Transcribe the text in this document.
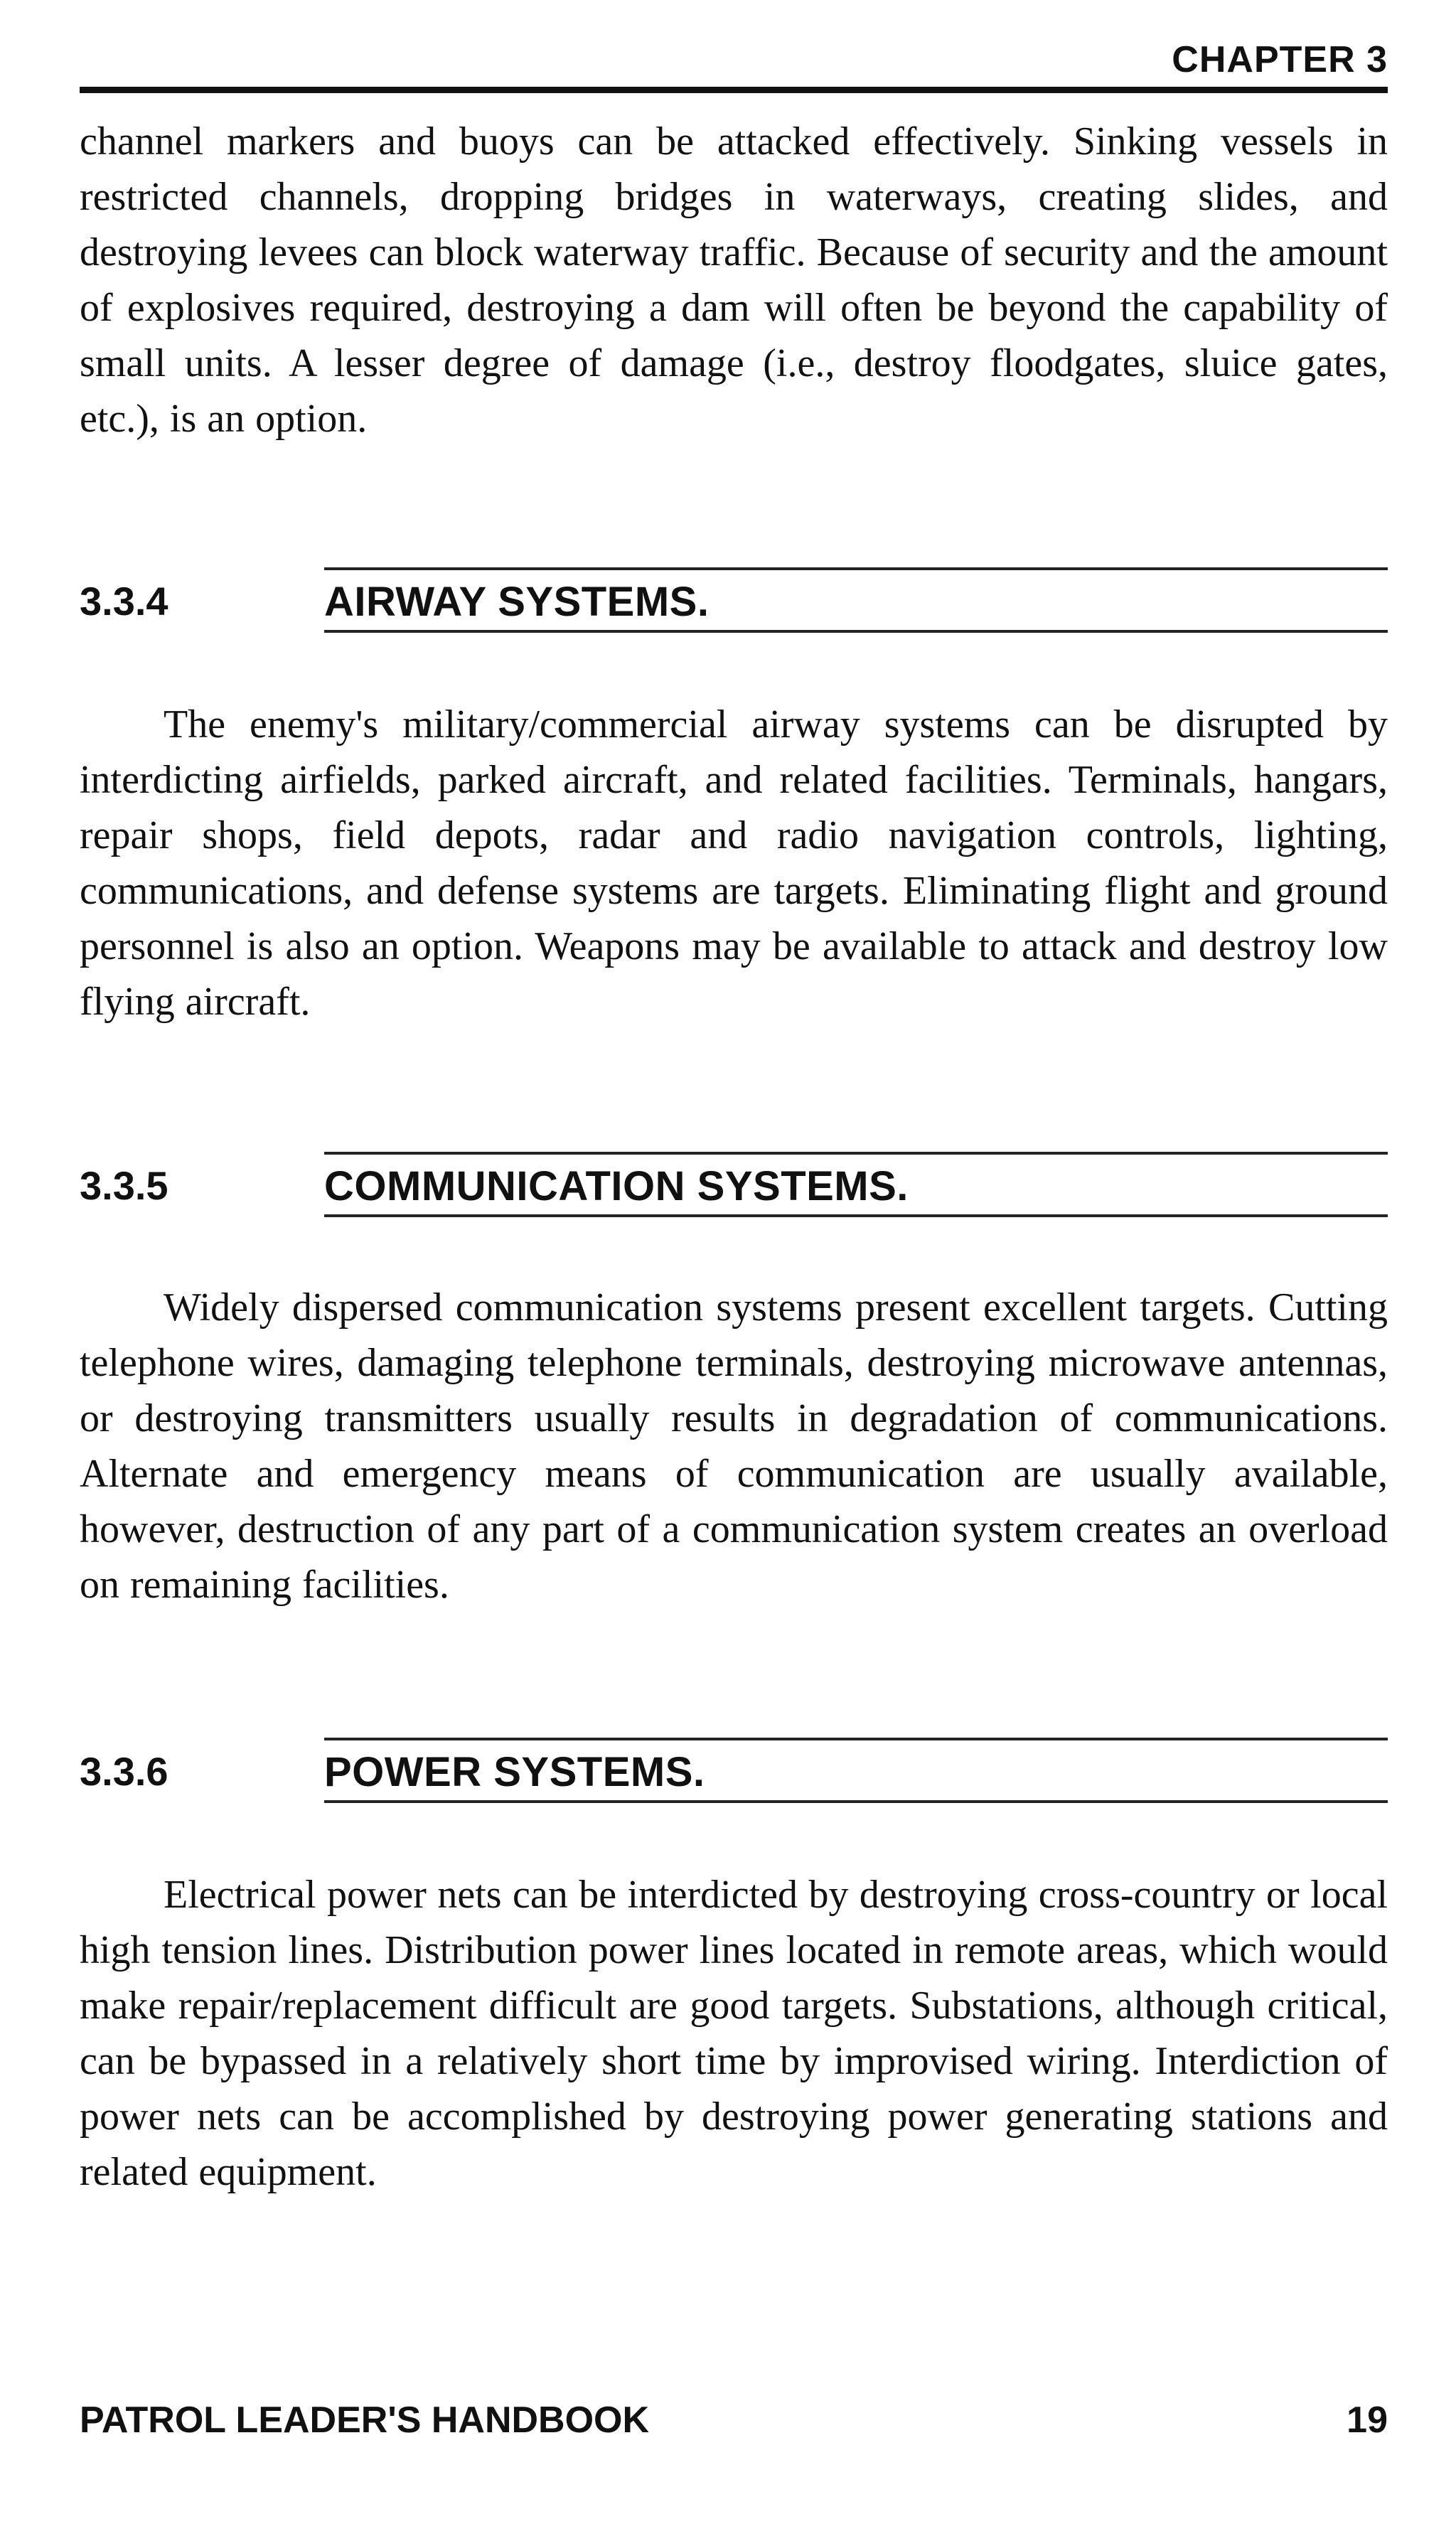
CHAPTER 3

channel markers and buoys can be attacked effectively. Sinking vessels in restricted channels, dropping bridges in waterways, creating slides, and destroying levees can block waterway traffic. Because of security and the amount of explosives required, destroying a dam will often be beyond the capability of small units. A lesser degree of damage (i.e., destroy floodgates, sluice gates, etc.), is an option.

3.3.4	AIRWAY SYSTEMS.

The enemy's military/commercial airway systems can be disrupted by interdicting airfields, parked aircraft, and related facilities. Terminals, hangars, repair shops, field depots, radar and radio navigation controls, lighting, communications, and defense systems are targets. Eliminating flight and ground personnel is also an option. Weapons may be available to attack and destroy low flying aircraft.

3.3.5	COMMUNICATION SYSTEMS.

Widely dispersed communication systems present excellent targets. Cutting telephone wires, damaging telephone terminals, destroying microwave antennas, or destroying transmitters usually results in degradation of communications. Alternate and emergency means of communication are usually available, however, destruction of any part of a communication system creates an overload on remaining facilities.

3.3.6	POWER SYSTEMS.

Electrical power nets can be interdicted by destroying cross-country or local high tension lines. Distribution power lines located in remote areas, which would make repair/replacement difficult are good targets. Substations, although critical, can be bypassed in a relatively short time by improvised wiring. Interdiction of power nets can be accomplished by destroying power generating stations and related equipment.

PATROL LEADER'S HANDBOOK	19
